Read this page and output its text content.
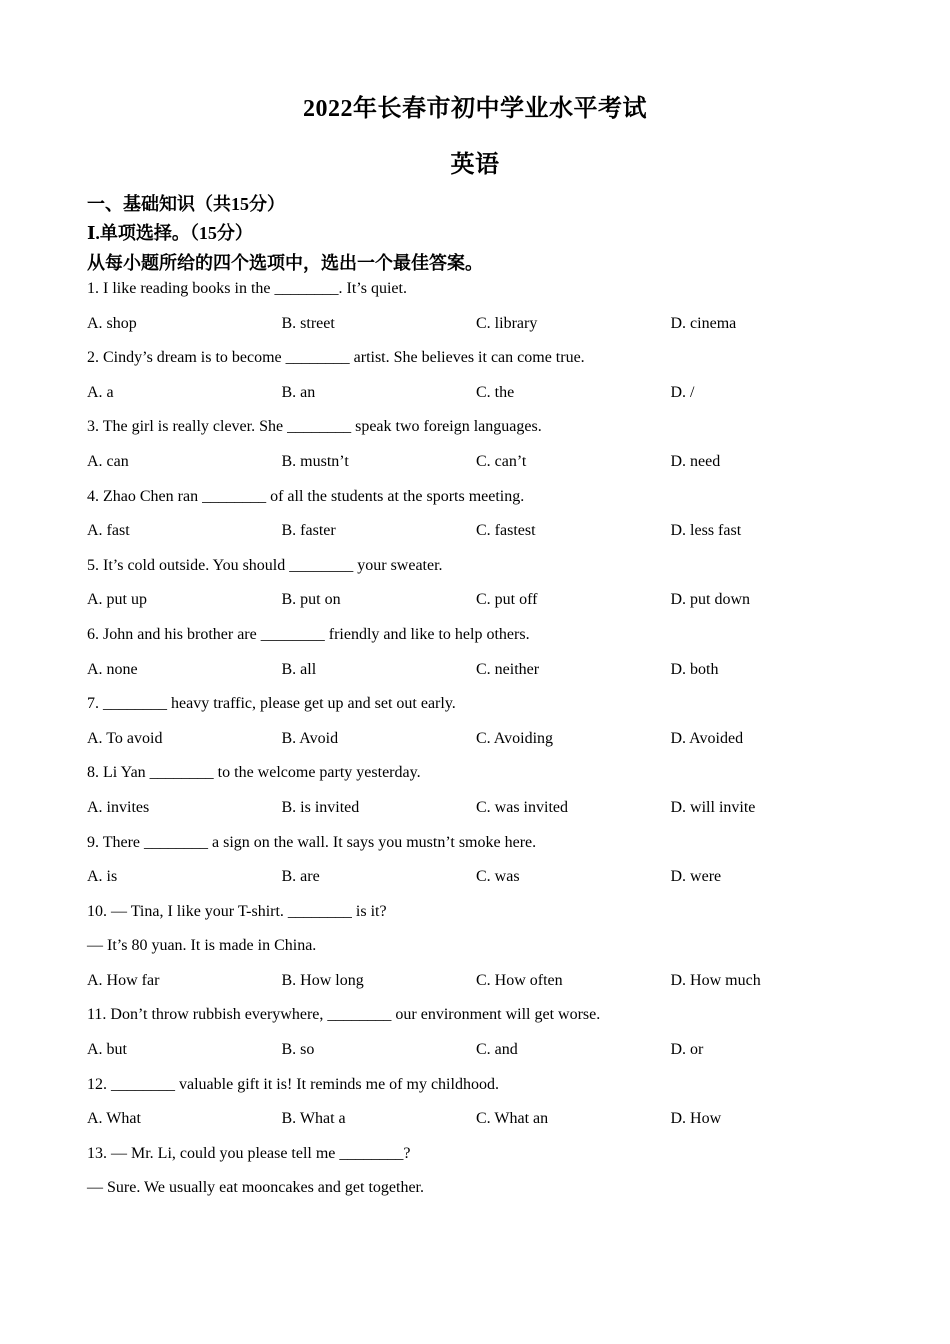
2022年长春市初中学业水平考试
英语
一、基础知识（共15分）
Ⅰ.单项选择。（15分）
从每小题所给的四个选项中，选出一个最佳答案。
1. I like reading books in the ________. It’s quiet.
A. shop	B. street	C. library	D. cinema
2. Cindy’s dream is to become ________ artist. She believes it can come true.
A. a	B. an	C. the	D. /
3. The girl is really clever. She ________ speak two foreign languages.
A. can	B. mustn’t	C. can’t	D. need
4. Zhao Chen ran ________ of all the students at the sports meeting.
A. fast	B. faster	C. fastest	D. less fast
5. It’s cold outside. You should ________ your sweater.
A. put up	B. put on	C. put off	D. put down
6. John and his brother are ________ friendly and like to help others.
A. none	B. all	C. neither	D. both
7. ________ heavy traffic, please get up and set out early.
A. To avoid	B. Avoid	C. Avoiding	D. Avoided
8. Li Yan ________ to the welcome party yesterday.
A. invites	B. is invited	C. was invited	D. will invite
9. There ________ a sign on the wall. It says you mustn’t smoke here.
A. is	B. are	C. was	D. were
10. — Tina, I like your T-shirt. ________ is it?
— It’s 80 yuan. It is made in China.
A. How far	B. How long	C. How often	D. How much
11. Don’t throw rubbish everywhere, ________ our environment will get worse.
A. but	B. so	C. and	D. or
12. ________ valuable gift it is! It reminds me of my childhood.
A. What	B. What a	C. What an	D. How
13. — Mr. Li, could you please tell me ________?
— Sure. We usually eat mooncakes and get together.
